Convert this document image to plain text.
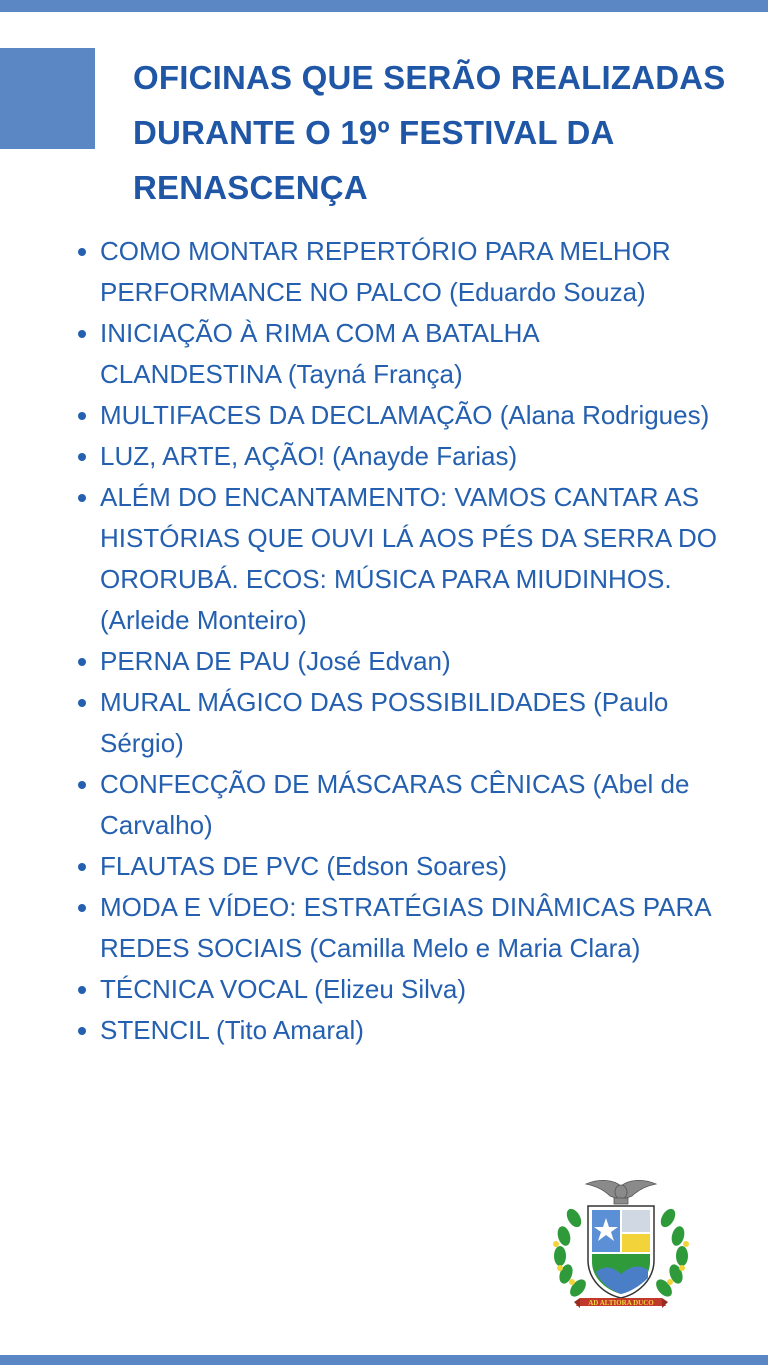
OFICINAS QUE SERÃO REALIZADAS DURANTE O 19º FESTIVAL DA RENASCENÇA
COMO MONTAR REPERTÓRIO PARA MELHOR PERFORMANCE NO PALCO (Eduardo Souza)
INICIAÇÃO À RIMA COM A BATALHA CLANDESTINA (Tayná França)
MULTIFACES DA DECLAMAÇÃO (Alana Rodrigues)
LUZ, ARTE, AÇÃO! (Anayde Farias)
ALÉM DO ENCANTAMENTO: VAMOS CANTAR AS HISTÓRIAS QUE OUVI LÁ AOS PÉS DA SERRA DO ORORUBÁ. ECOS: MÚSICA PARA MIUDINHOS. (Arleide Monteiro)
PERNA DE PAU (José Edvan)
MURAL MÁGICO DAS POSSIBILIDADES (Paulo Sérgio)
CONFECÇÃO DE MÁSCARAS CÊNICAS (Abel de Carvalho)
FLAUTAS DE PVC (Edson Soares)
MODA E VÍDEO: ESTRATÉGIAS DINÂMICAS PARA REDES SOCIAIS (Camilla Melo e Maria Clara)
TÉCNICA VOCAL (Elizeu Silva)
STENCIL (Tito Amaral)
AD ALTIORA DUCO
